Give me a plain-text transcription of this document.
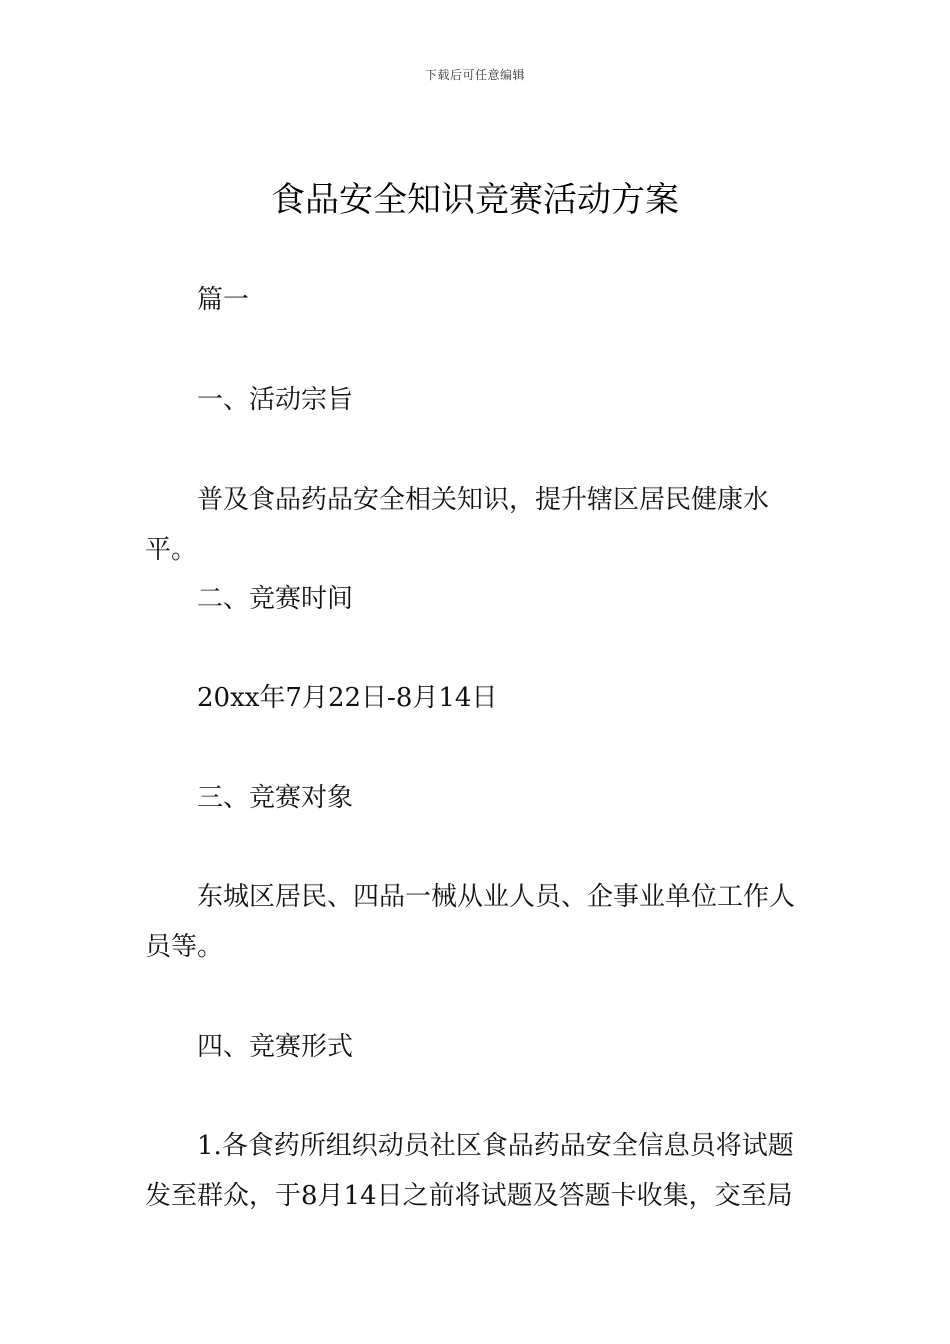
下载后可任意编辑
食品安全知识竞赛活动方案

篇一

一、活动宗旨

普及食品药品安全相关知识，提升辖区居民健康水平。

二、竞赛时间

20xx年7月22日-8月14日

三、竞赛对象

东城区居民、四品一械从业人员、企事业单位工作人员等。

四、竞赛形式

1.各食药所组织动员社区食品药品安全信息员将试题发至群众，于8月14日之前将试题及答题卡收集，交至局
